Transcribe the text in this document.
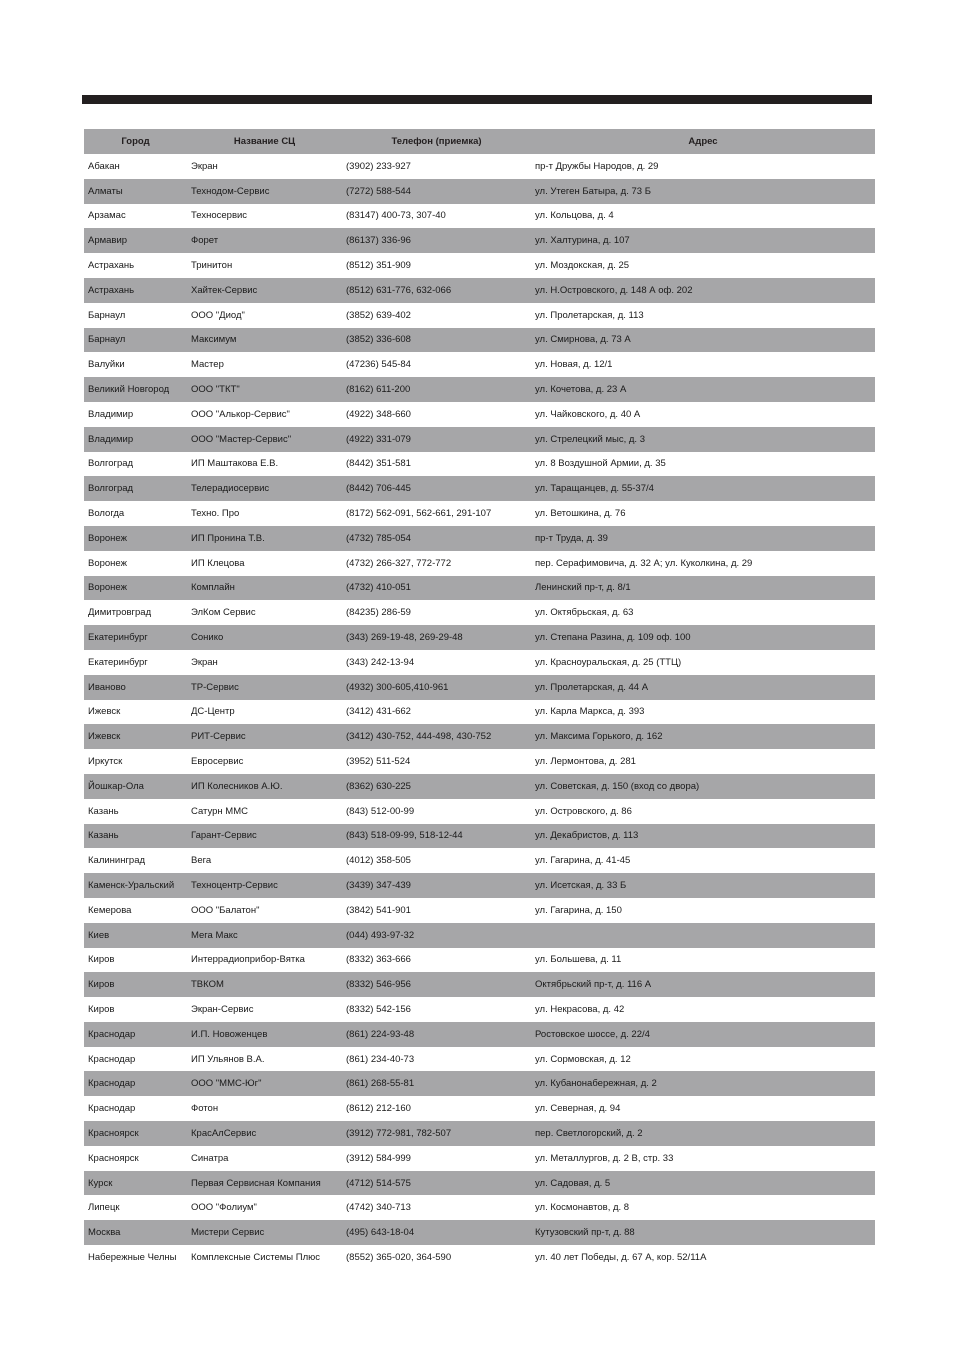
Город	Название СЦ	Телефон (приемка)	Адрес
Абакан	Экран	(3902) 233-927	пр-т Дружбы Народов, д. 29
Алматы	Технодом-Сервис	(7272) 588-544	ул. Утеген Батыра, д. 73 Б
Арзамас	Техносервис	(83147) 400-73, 307-40	ул. Кольцова, д. 4
Армавир	Форет	(86137) 336-96	ул. Халтурина, д. 107
Астрахань	Тринитон	(8512) 351-909	ул. Моздокская, д. 25
Астрахань	Хайтек-Сервис	(8512) 631-776, 632-066	ул. Н.Островского, д. 148 А оф. 202
Барнаул	ООО "Диод"	(3852) 639-402	ул. Пролетарская, д. 113
Барнаул	Максимум	(3852) 336-608	ул. Смирнова, д. 73 А
Валуйки	Мастер	(47236) 545-84	ул. Новая, д. 12/1
Великий Новгород	ООО "ТКТ"	(8162) 611-200	ул. Кочетова, д. 23 А
Владимир	ООО "Алькор-Сервис"	(4922) 348-660	ул. Чайковского, д. 40 А
Владимир	ООО "Мастер-Сервис"	(4922) 331-079	ул. Стрелецкий мыс, д. 3
Волгоград	ИП Маштакова Е.В.	(8442) 351-581	ул. 8 Воздушной Армии, д. 35
Волгоград	Телерадиосервис	(8442) 706-445	ул. Таращанцев, д. 55-37/4
Вологда	Техно. Про	(8172) 562-091, 562-661, 291-107	ул. Ветошкина, д. 76
Воронеж	ИП Пронина Т.В.	(4732) 785-054	пр-т Труда, д. 39
Воронеж	ИП Клецова	(4732) 266-327, 772-772	пер. Серафимовича, д. 32 А; ул. Куколкина, д. 29
Воронеж	Комплайн	(4732) 410-051	Ленинский пр-т, д. 8/1
Димитровград	ЭлКом Сервис	(84235) 286-59	ул. Октябрьская, д. 63
Екатеринбург	Сонико	(343) 269-19-48, 269-29-48	ул. Степана Разина, д. 109 оф. 100
Екатеринбург	Экран	(343) 242-13-94	ул. Красноуральская, д. 25 (ТТЦ)
Иваново	ТР-Сервис	(4932) 300-605,410-961	ул. Пролетарская, д. 44 А
Ижевск	ДС-Центр	(3412) 431-662	ул. Карла Маркса, д. 393
Ижевск	РИТ-Сервис	(3412) 430-752, 444-498, 430-752	ул. Максима Горького, д. 162
Иркутск	Евросервис	(3952) 511-524	ул. Лермонтова, д. 281
Йошкар-Ола	ИП Колесников А.Ю.	(8362) 630-225	ул. Советская, д. 150 (вход со двора)
Казань	Сатурн ММС	(843) 512-00-99	ул. Островского, д. 86
Казань	Гарант-Сервис	(843) 518-09-99, 518-12-44	ул. Декабристов, д. 113
Калининград	Вега	(4012) 358-505	ул. Гагарина, д. 41-45
Каменск-Уральский	Техноцентр-Сервис	(3439) 347-439	ул. Исетская, д. 33 Б
Кемерова	ООО "Балатон"	(3842) 541-901	ул. Гагарина, д. 150
Киев	Мега Макс	(044) 493-97-32	
Киров	Интеррадиоприбор-Вятка	(8332) 363-666	ул. Большева, д. 11
Киров	ТВКОМ	(8332) 546-956	Октябрьский пр-т, д. 116 А
Киров	Экран-Сервис	(8332) 542-156	ул. Некрасова, д. 42
Краснодар	И.П. Новоженцев	(861) 224-93-48	Ростовское шоссе, д. 22/4
Краснодар	ИП Ульянов В.А.	(861) 234-40-73	ул. Сормовская, д. 12
Краснодар	ООО "ММС-Юг"	(861) 268-55-81	ул. Кубанонабережная, д. 2
Краснодар	Фотон	(8612) 212-160	ул. Северная, д. 94
Красноярск	КрасАлСервис	(3912) 772-981, 782-507	пер. Светлогорский, д. 2
Красноярск	Синатра	(3912) 584-999	ул. Металлургов, д. 2 В, стр. 33
Курск	Первая Сервисная Компания	(4712) 514-575	ул. Садовая, д. 5
Липецк	ООО "Фолиум"	(4742) 340-713	ул. Космонавтов, д. 8
Москва	Мистери Сервис	(495) 643-18-04	Кутузовский пр-т, д. 88
Набережные Челны	Комплексные Системы Плюс	(8552) 365-020, 364-590	ул. 40 лет Победы, д. 67 А, кор. 52/11А
